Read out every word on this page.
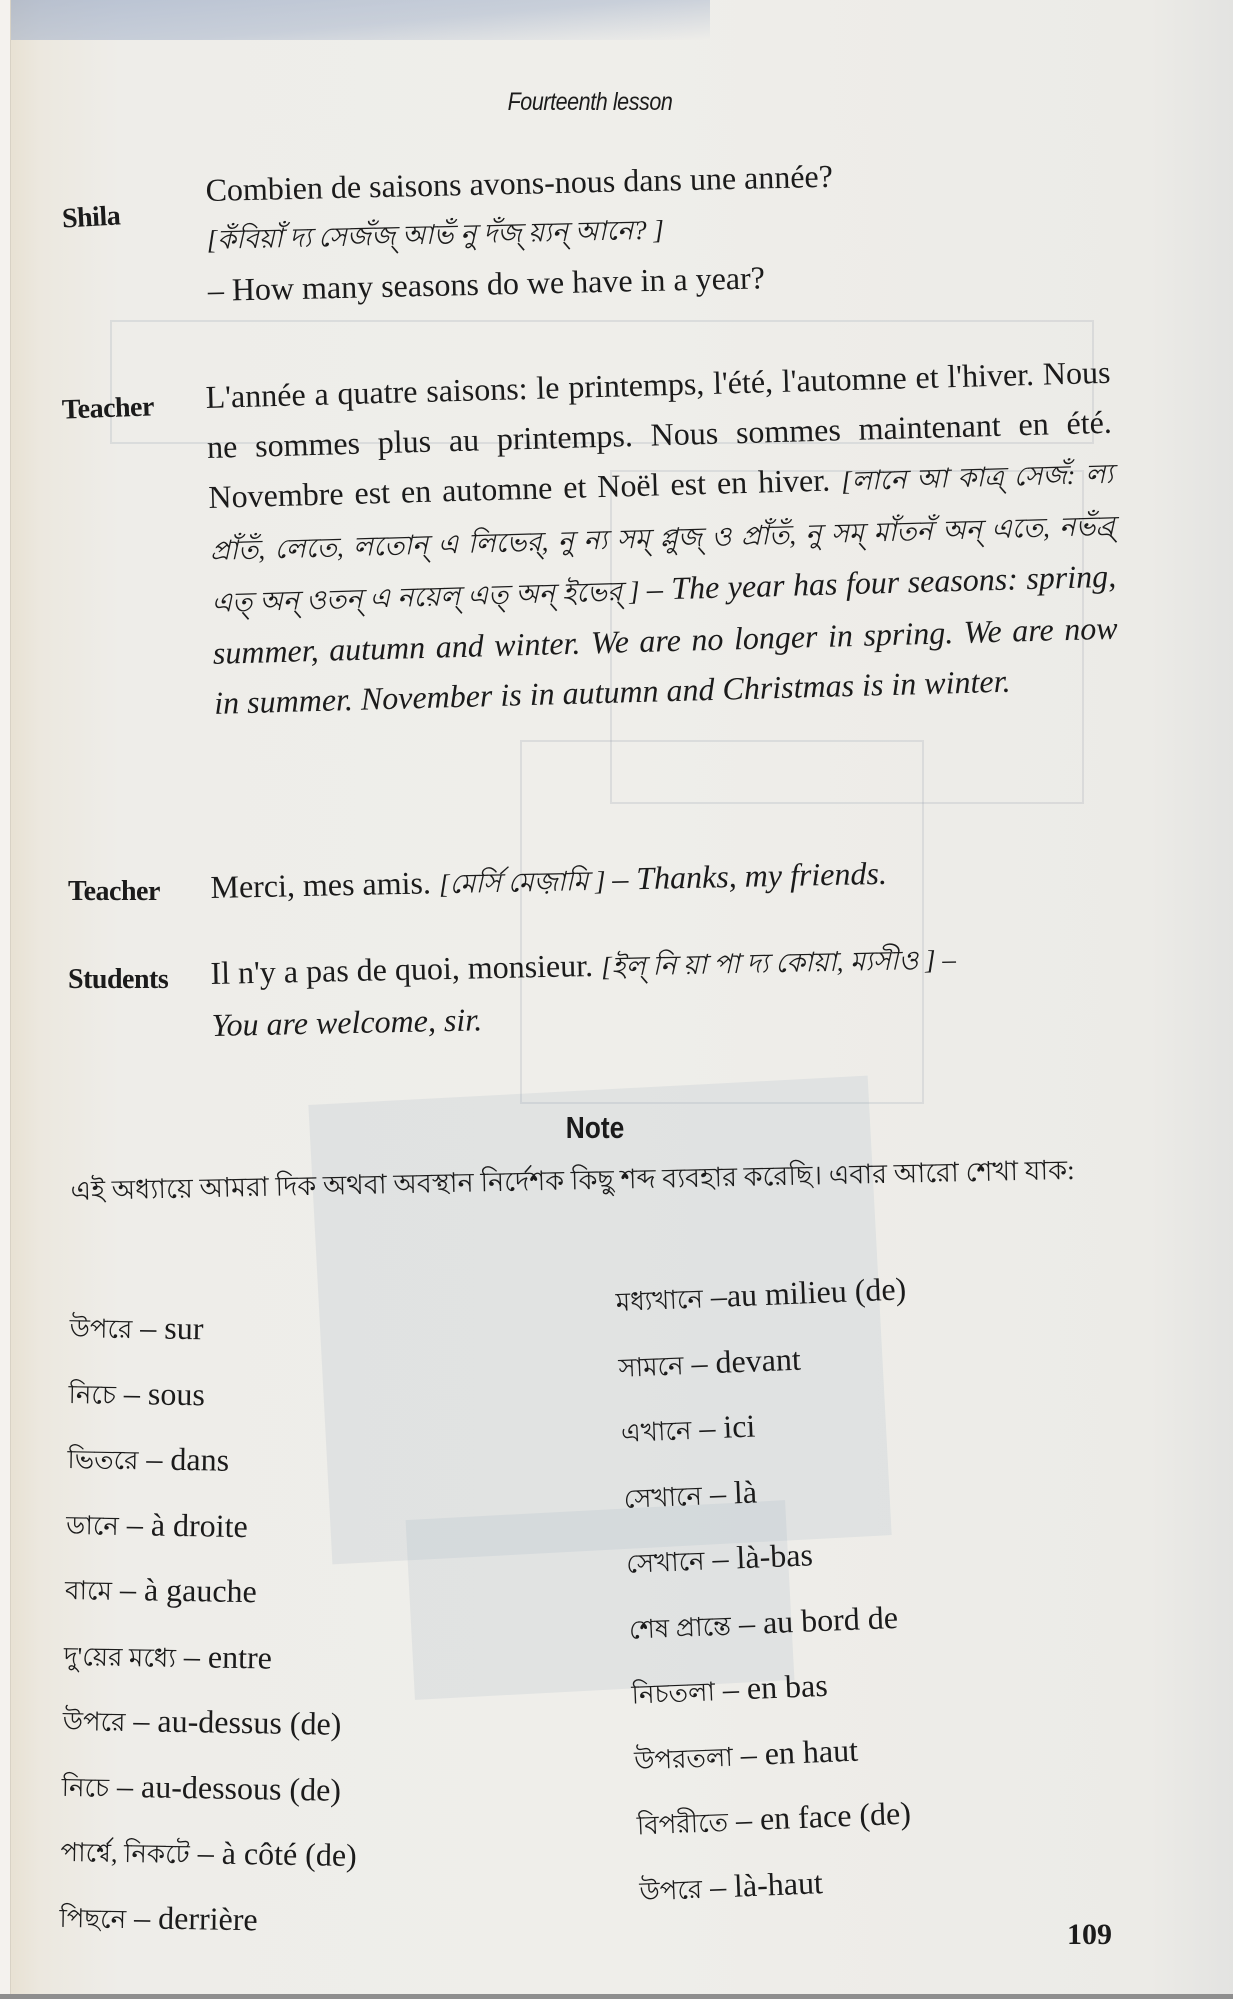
Fourteenth lesson
Shila
Combien de saisons avons-nous dans une année?
[কঁবিয়াঁ দ্য সেজঁজ্ আভঁ নু দঁজ্ য়্যন্ আনে? ]
– How many seasons do we have in a year?
Teacher L'année a quatre saisons: le printemps, l'été, l'automne et l'hiver. Nous ne sommes plus au printemps. Nous sommes maintenant en été. Novembre est en automne et Noël est en hiver. [লানে আ কাত্র্ সেজঁ: ল্য প্রাঁতঁ, লেতে, লতোন্ এ লিভের্, নু ন্য সম্ প্লুজ্ ও প্রাঁতঁ, নু সম্ মাঁতনঁ অন্ এতে, নভঁব্র্ এত্ অন্ ওতন্ এ নয়েল্ এত্ অন্ ইভের্ ] – The year has four seasons: spring, summer, autumn and winter. We are no longer in spring. We are now in summer. November is in autumn and Christmas is in winter.
Teacher Merci, mes amis. [মের্সি মেজ়ামি ] – Thanks, my friends.
Students Il n'y a pas de quoi, monsieur. [ইল্ নি য়া পা দ্য কোয়া, ম্যসীও ] –
You are welcome, sir.
Note
এই অধ্যায়ে আমরা দিক অথবা অবস্থান নির্দেশক কিছু শব্দ ব্যবহার করেছি। এবার আরো শেখা যাক:
উপরে – sur
নিচে – sous
ভিতরে – dans
ডানে – à droite
বামে – à gauche
দু'য়ের মধ্যে – entre
উপরে – au-dessus (de)
নিচে – au-dessous (de)
পার্শ্বে, নিকটে – à côté (de)
পিছনে – derrière
মধ্যখানে –au milieu (de)
সামনে – devant
এখানে – ici
সেখানে – là
সেখানে – là-bas
শেষ প্রান্তে – au bord de
নিচতলা – en bas
উপরতলা – en haut
বিপরীতে – en face (de)
উপরে – là-haut
109
